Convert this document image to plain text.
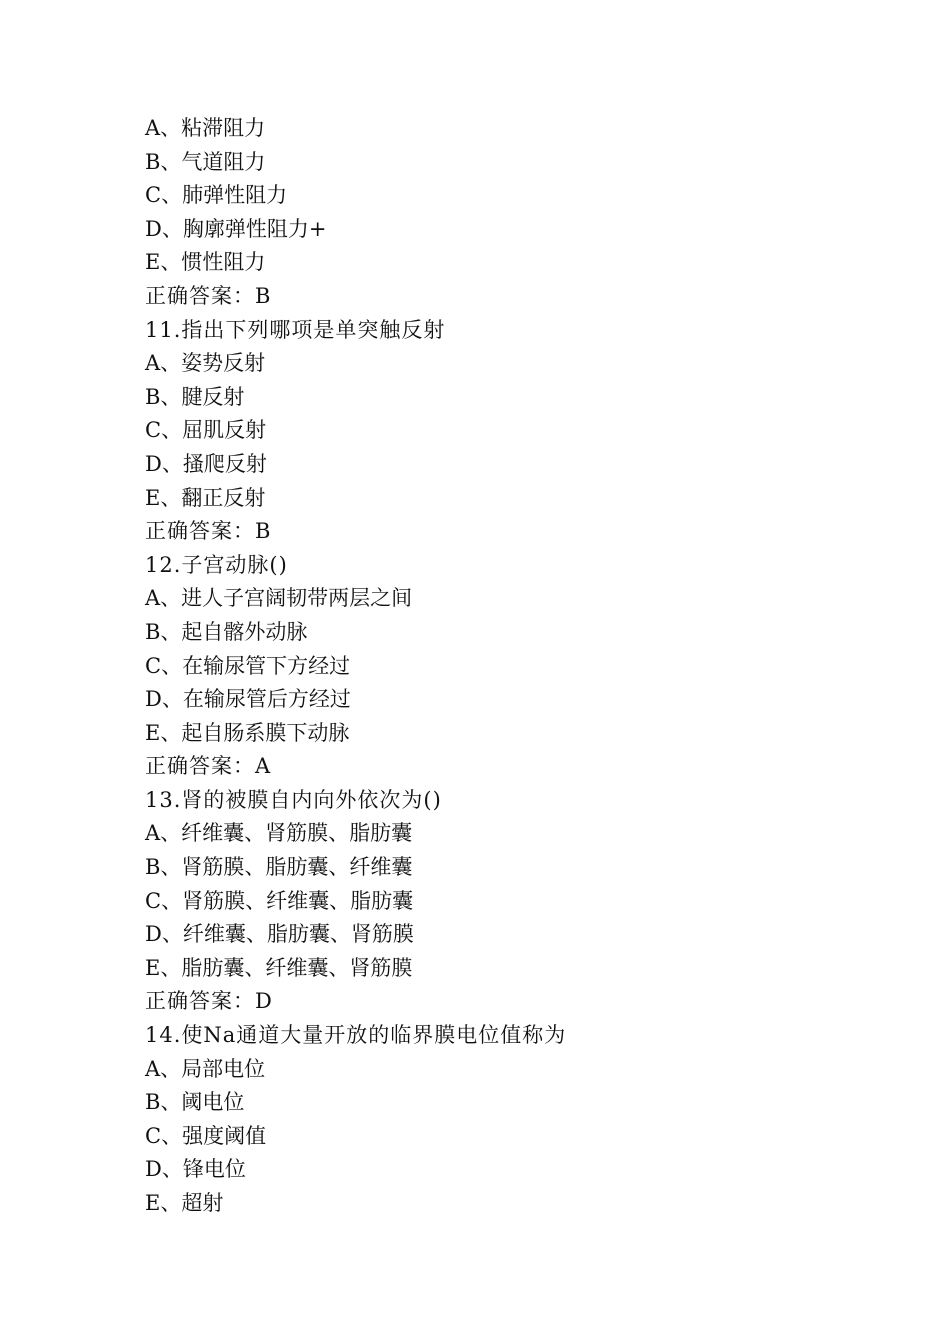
A、粘滞阻力
B、气道阻力
C、肺弹性阻力
D、胸廓弹性阻力+
E、惯性阻力
正确答案：B
11.指出下列哪项是单突触反射
A、姿势反射
B、腱反射
C、屈肌反射
D、搔爬反射
E、翻正反射
正确答案：B
12.子宫动脉()
A、进人子宫阔韧带两层之间
B、起自髂外动脉
C、在输尿管下方经过
D、在输尿管后方经过
E、起自肠系膜下动脉
正确答案：A
13.肾的被膜自内向外依次为()
A、纤维囊、肾筋膜、脂肪囊
B、肾筋膜、脂肪囊、纤维囊
C、肾筋膜、纤维囊、脂肪囊
D、纤维囊、脂肪囊、肾筋膜
E、脂肪囊、纤维囊、肾筋膜
正确答案：D
14.使Na通道大量开放的临界膜电位值称为
A、局部电位
B、阈电位
C、强度阈值
D、锋电位
E、超射
